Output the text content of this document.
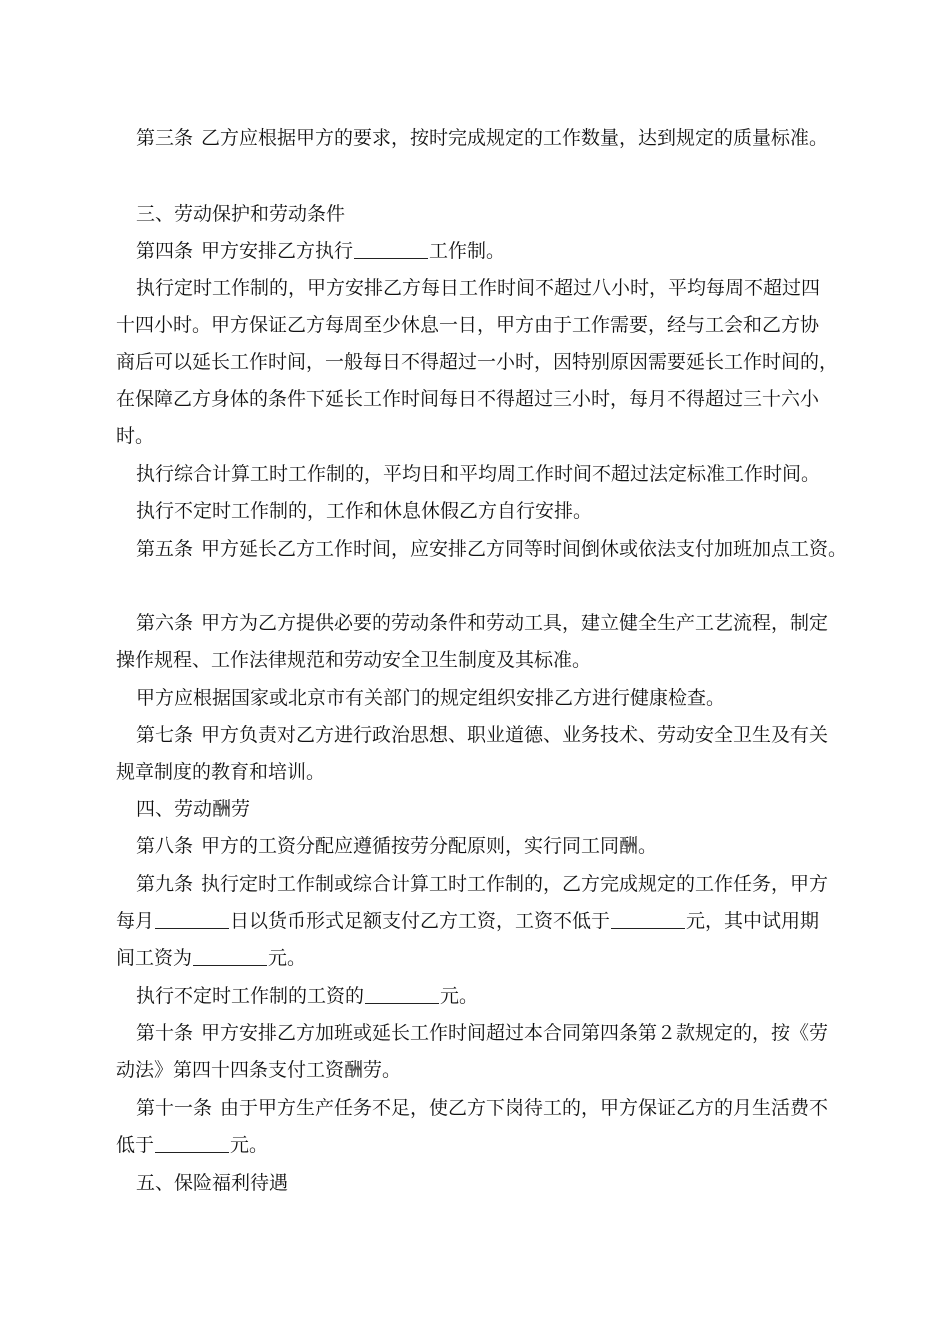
第三条 乙方应根据甲方的要求，按时完成规定的工作数量，达到规定的质量标准。
三、劳动保护和劳动条件
第四条 甲方安排乙方执行	工作制。
执行定时工作制的，甲方安排乙方每日工作时间不超过八小时，平均每周不超过四
十四小时。甲方保证乙方每周至少休息一日，甲方由于工作需要，经与工会和乙方协
商后可以延长工作时间，一般每日不得超过一小时，因特别原因需要延长工作时间的，
在保障乙方身体的条件下延长工作时间每日不得超过三小时，每月不得超过三十六小
时。
执行综合计算工时工作制的，平均日和平均周工作时间不超过法定标准工作时间。
执行不定时工作制的，工作和休息休假乙方自行安排。
第五条 甲方延长乙方工作时间，应安排乙方同等时间倒休或依法支付加班加点工资。
第六条 甲方为乙方提供必要的劳动条件和劳动工具，建立健全生产工艺流程，制定
操作规程、工作法律规范和劳动安全卫生制度及其标准。
甲方应根据国家或北京市有关部门的规定组织安排乙方进行健康检查。
第七条 甲方负责对乙方进行政治思想、职业道德、业务技术、劳动安全卫生及有关
规章制度的教育和培训。
四、劳动酬劳
第八条 甲方的工资分配应遵循按劳分配原则，实行同工同酬。
第九条 执行定时工作制或综合计算工时工作制的，乙方完成规定的工作任务，甲方
每月	日以货币形式足额支付乙方工资，工资不低于	元，其中试用期
间工资为	元。
执行不定时工作制的工资的	元。
第十条 甲方安排乙方加班或延长工作时间超过本合同第四条第２款规定的，按《劳
动法》第四十四条支付工资酬劳。
第十一条 由于甲方生产任务不足，使乙方下岗待工的，甲方保证乙方的月生活费不
低于	元。
五、保险福利待遇
